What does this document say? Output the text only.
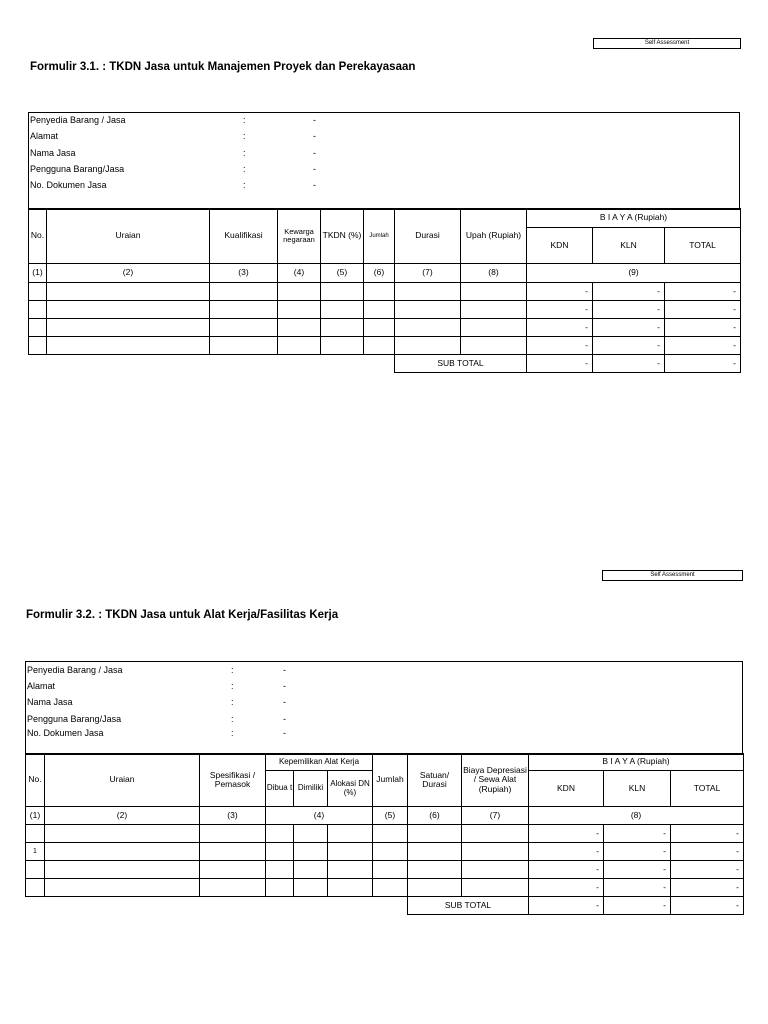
Self Assessment
Formulir 3.1. : TKDN Jasa untuk Manajemen Proyek dan Perekayasaan
Penyedia Barang / Jasa	:	-
Alamat	:	-
Nama Jasa	:	-
Pengguna Barang/Jasa	:	-
No. Dokumen Jasa	:	-
No.	Uraian	Kualifikasi	Kewarga negaraan	TKDN (%)	Jumlah	Durasi	Upah (Rupiah)	B I A Y A (Rupiah)		
								KDN	KLN	TOTAL
(1)	(2)	(3)	(4)	(5)	(6)	(7)	(8)	(9)		
								-	-	-
								-	-	-
								-	-	-
								-	-	-
						SUB TOTAL		-	-	-
Self Assessment
Formulir 3.2. : TKDN Jasa untuk Alat Kerja/Fasilitas Kerja
Penyedia Barang / Jasa	:	-
Alamat	:	-
Nama Jasa	:	-
Pengguna Barang/Jasa	:	-
No. Dokumen Jasa	:	-
No.	Uraian	Spesifikasi / Pemasok	Kepemilikan Alat Kerja			Jumlah	Satuan/ Durasi	Biaya Depresiasi / Sewa Alat (Rupiah)	B I A Y A (Rupiah)		
			Dibua t	Dimiliki	Alokasi DN (%)				KDN	KLN	TOTAL
(1)	(2)	(3)	(4)			(5)	(6)	(7)	(8)		
									-	-	-
1									-	-	-
									-	-	-
									-	-	-
							SUB TOTAL		-	-	-
